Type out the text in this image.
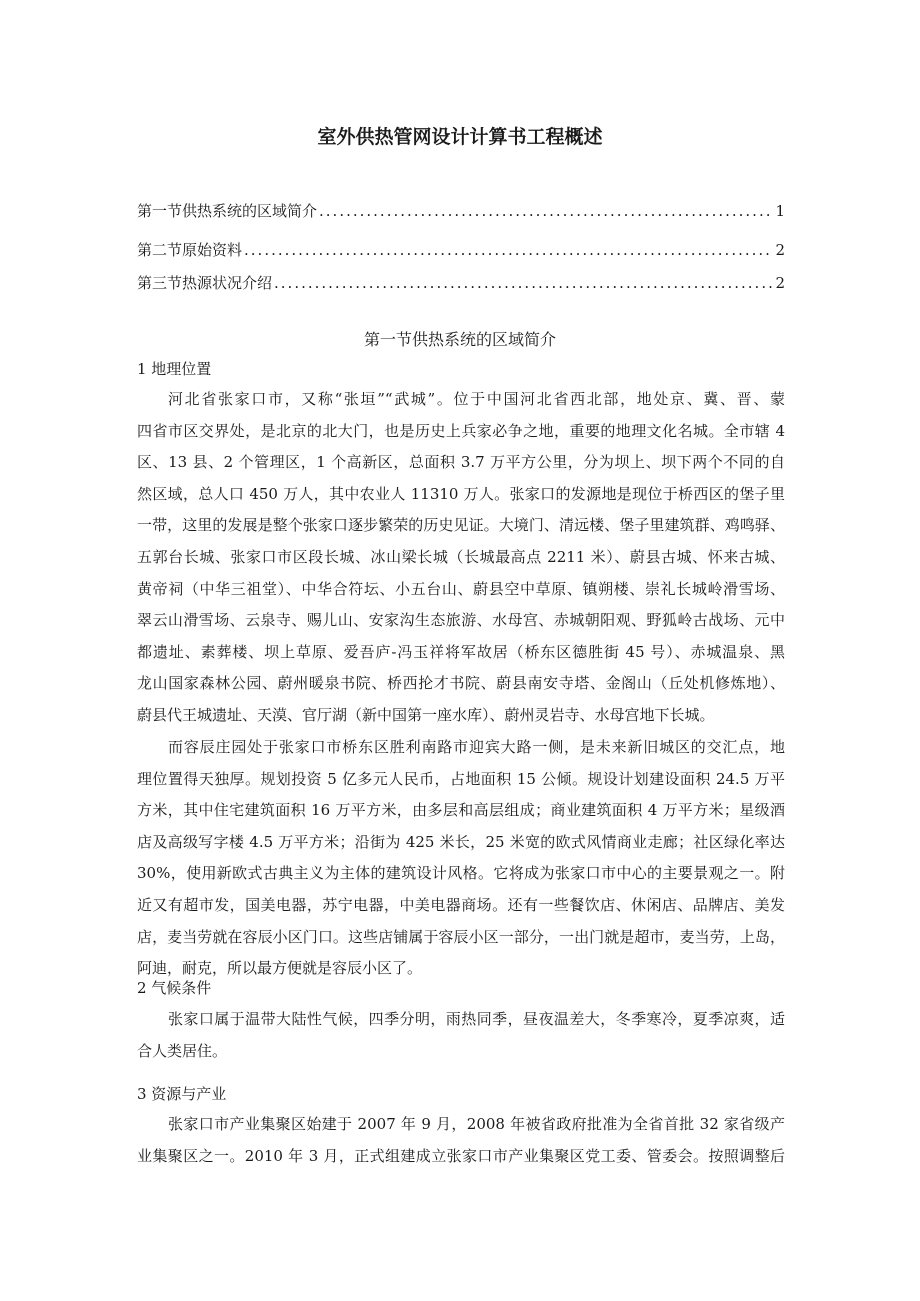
室外供热管网设计计算书工程概述
第一节供热系统的区域简介 .....	1
第二节原始资料 .....	2
第三节热源状况介绍 .....	2
第一节供热系统的区域简介
1 地理位置
河北省张家口市，又称“张垣”“武城”。位于中国河北省西北部，地处京、冀、晋、蒙
四省市区交界处，是北京的北大门，也是历史上兵家必争之地，重要的地理文化名城。全市辖 4
区、13 县、2 个管理区，1 个高新区，总面积 3.7 万平方公里，分为坝上、坝下两个不同的自
然区域，总人口 450 万人，其中农业人 11310 万人。张家口的发源地是现位于桥西区的堡子里
一带，这里的发展是整个张家口逐步繁荣的历史见证。大境门、清远楼、堡子里建筑群、鸡鸣驿、
五郭台长城、张家口市区段长城、冰山梁长城（长城最高点 2211 米）、蔚县古城、怀来古城、
黄帝祠（中华三祖堂）、中华合符坛、小五台山、蔚县空中草原、镇朔楼、崇礼长城岭滑雪场、
翠云山滑雪场、云泉寺、赐儿山、安家沟生态旅游、水母宫、赤城朝阳观、野狐岭古战场、元中
都遗址、素葬楼、坝上草原、爱吾庐-冯玉祥将军故居（桥东区德胜街 45 号）、赤城温泉、黑
龙山国家森林公园、蔚州暖泉书院、桥西抡才书院、蔚县南安寺塔、金阁山（丘处机修炼地）、
蔚县代王城遗址、天漠、官厅湖（新中国第一座水库）、蔚州灵岩寺、水母宫地下长城。
而容辰庄园处于张家口市桥东区胜利南路市迎宾大路一侧，是未来新旧城区的交汇点，地
理位置得天独厚。规划投资 5 亿多元人民币，占地面积 15 公倾。规设计划建设面积 24.5 万平
方米，其中住宅建筑面积 16 万平方米，由多层和高层组成；商业建筑面积 4 万平方米；星级酒
店及高级写字楼 4.5 万平方米；沿街为 425 米长，25 米宽的欧式风情商业走廊；社区绿化率达
30%，使用新欧式古典主义为主体的建筑设计风格。它将成为张家口市中心的主要景观之一。附
近又有超市发，国美电器，苏宁电器，中美电器商场。还有一些餐饮店、休闲店、品牌店、美发
店，麦当劳就在容辰小区门口。这些店铺属于容辰小区一部分，一出门就是超市，麦当劳，上岛，
阿迪，耐克，所以最方便就是容辰小区了。
2 气候条件
张家口属于温带大陆性气候，四季分明，雨热同季，昼夜温差大，冬季寒冷，夏季凉爽，适
合人类居住。
3 资源与产业
张家口市产业集聚区始建于 2007 年 9 月，2008 年被省政府批准为全省首批 32 家省级产
业集聚区之一。2010 年 3 月，正式组建成立张家口市产业集聚区党工委、管委会。按照调整后
